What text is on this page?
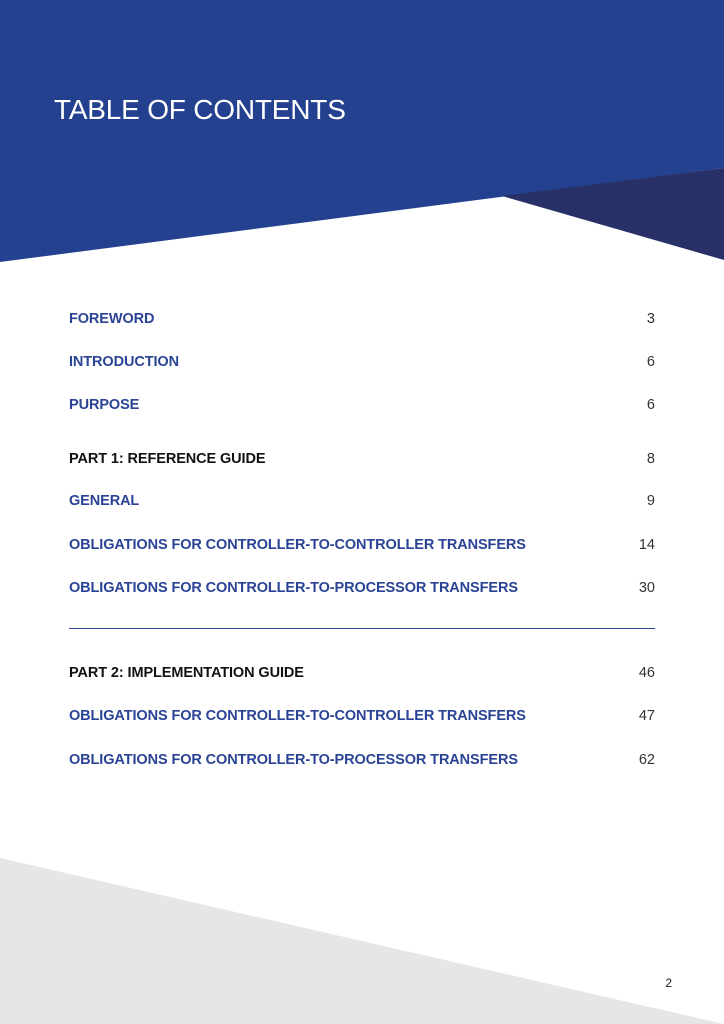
TABLE OF CONTENTS
FOREWORD	3
INTRODUCTION	6
PURPOSE	6
PART 1: REFERENCE GUIDE	8
GENERAL	9
OBLIGATIONS FOR CONTROLLER-TO-CONTROLLER TRANSFERS	14
OBLIGATIONS FOR CONTROLLER-TO-PROCESSOR TRANSFERS	30
PART 2: IMPLEMENTATION GUIDE	46
OBLIGATIONS FOR CONTROLLER-TO-CONTROLLER TRANSFERS	47
OBLIGATIONS FOR CONTROLLER-TO-PROCESSOR TRANSFERS	62
2
